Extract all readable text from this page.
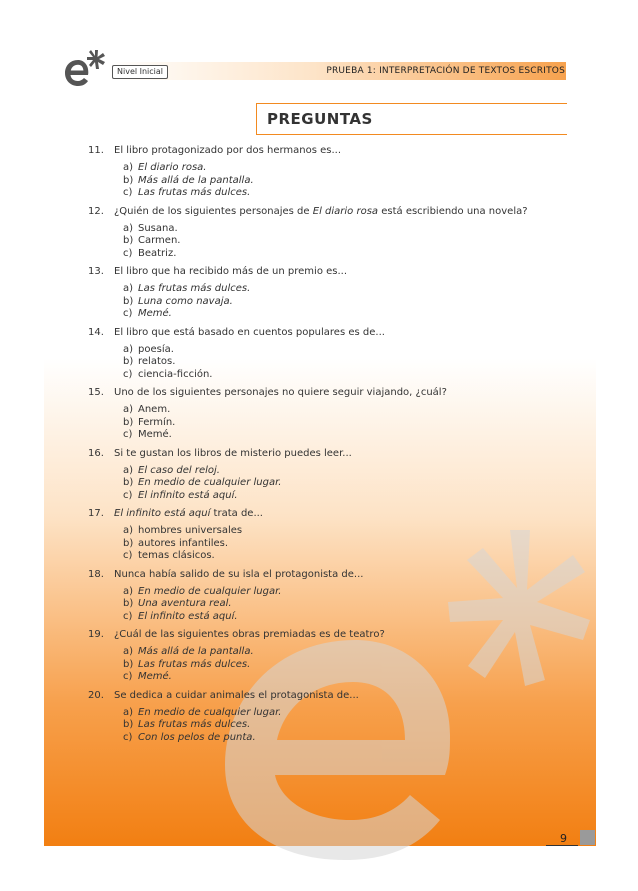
Nivel Inicial	PRUEBA 1: INTERPRETACIÓN DE TEXTOS ESCRITOS
PREGUNTAS
11. El libro protagonizado por dos hermanos es...
a) El diario rosa.
b) Más allá de la pantalla.
c) Las frutas más dulces.
12. ¿Quién de los siguientes personajes de El diario rosa está escribiendo una novela?
a) Susana.
b) Carmen.
c) Beatriz.
13. El libro que ha recibido más de un premio es...
a) Las frutas más dulces.
b) Luna como navaja.
c) Memé.
14. El libro que está basado en cuentos populares es de...
a) poesía.
b) relatos.
c) ciencia-ficción.
15. Uno de los siguientes personajes no quiere seguir viajando, ¿cuál?
a) Anem.
b) Fermín.
c) Memé.
16. Si te gustan los libros de misterio puedes leer...
a) El caso del reloj.
b) En medio de cualquier lugar.
c) El infinito está aquí.
17. El infinito está aquí trata de...
a) hombres universales
b) autores infantiles.
c) temas clásicos.
18. Nunca había salido de su isla el protagonista de...
a) En medio de cualquier lugar.
b) Una aventura real.
c) El infinito está aquí.
19. ¿Cuál de las siguientes obras premiadas es de teatro?
a) Más allá de la pantalla.
b) Las frutas más dulces.
c) Memé.
20. Se dedica a cuidar animales el protagonista de...
a) En medio de cualquier lugar.
b) Las frutas más dulces.
c) Con los pelos de punta.
9
